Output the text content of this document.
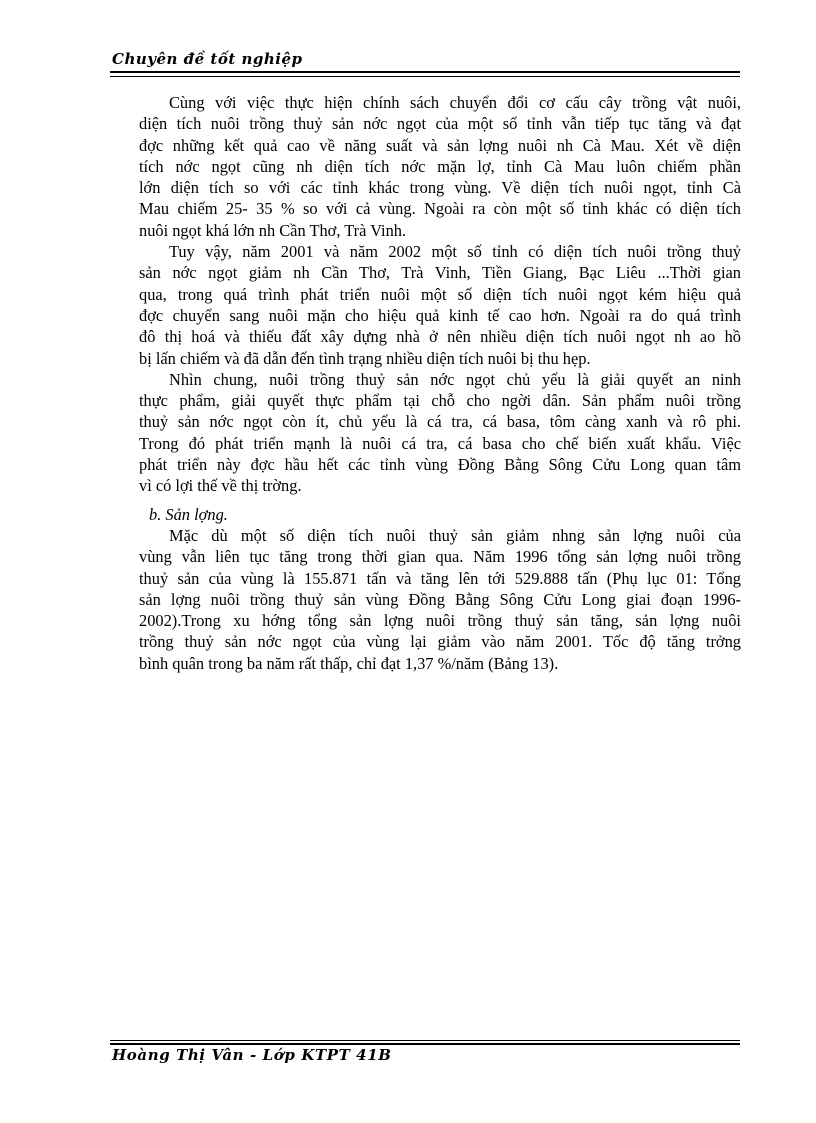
Chuyên đề tốt nghiệp
Cùng với việc thực hiện chính sách chuyển đổi cơ cấu cây trồng vật nuôi,
diện tích nuôi trồng thuỷ sản nớc ngọt của một số tỉnh vẫn tiếp tục tăng và đạt
đợc những kết quả cao về năng suất và sản lợng nuôi nh Cà Mau. Xét về diện
tích nớc ngọt cũng nh diện tích nớc mặn lợ, tỉnh Cà Mau luôn chiếm phần
lớn diện tích so với các tỉnh khác trong vùng. Về diện tích nuôi ngọt, tỉnh Cà
Mau chiếm 25- 35 % so với cả vùng. Ngoài ra còn một số tỉnh khác có diện tích
nuôi ngọt khá lớn nh Cần Thơ, Trà Vinh.
Tuy vậy, năm 2001 và năm 2002 một số tỉnh có diện tích nuôi trồng thuỷ
sản nớc ngọt giảm nh Cần Thơ, Trà Vinh, Tiền Giang, Bạc Liêu ...Thời gian
qua, trong quá trình phát triển nuôi một số diện tích nuôi ngọt kém hiệu quả
đợc chuyển sang nuôi mặn cho hiệu quả kinh tế cao hơn. Ngoài ra do quá trình
đô thị hoá và thiếu đất xây dựng nhà ở nên nhiều diện tích nuôi ngọt nh ao hồ
bị lấn chiếm và đã dẫn đến tình trạng nhiều diện tích nuôi bị thu hẹp.
Nhìn chung, nuôi trồng thuỷ sản nớc ngọt chủ yếu là giải quyết an ninh
thực phẩm, giải quyết thực phẩm tại chỗ cho ngời dân. Sản phẩm nuôi trồng
thuỷ sản nớc ngọt còn ít, chủ yếu là cá tra, cá basa, tôm càng xanh và rô phi.
Trong đó phát triển mạnh là nuôi cá tra, cá basa cho chế biến xuất khẩu. Việc
phát triển này đợc hầu hết các tỉnh vùng Đồng Bằng Sông Cửu Long quan tâm
vì có lợi thế về thị trờng.
b. Sản lợng.
Mặc dù một số diện tích nuôi thuỷ sản giảm nhng sản lợng nuôi của
vùng vẫn liên tục tăng trong thời gian qua. Năm 1996 tổng sản lợng nuôi trồng
thuỷ sản của vùng là 155.871 tấn và tăng lên tới 529.888 tấn (Phụ lục 01: Tổng
sản lợng nuôi trồng thuỷ sản vùng Đồng Bằng Sông Cửu Long giai đoạn 1996-
2002).Trong xu hớng tổng sản lợng nuôi trồng thuỷ sản tăng, sản lợng nuôi
trồng thuỷ sản nớc ngọt của vùng lại giảm vào năm 2001. Tốc độ tăng trởng
bình quân trong ba năm rất thấp, chỉ đạt 1,37 %/năm (Bảng 13).
Hoàng Thị Vân - Lớp KTPT 41B
